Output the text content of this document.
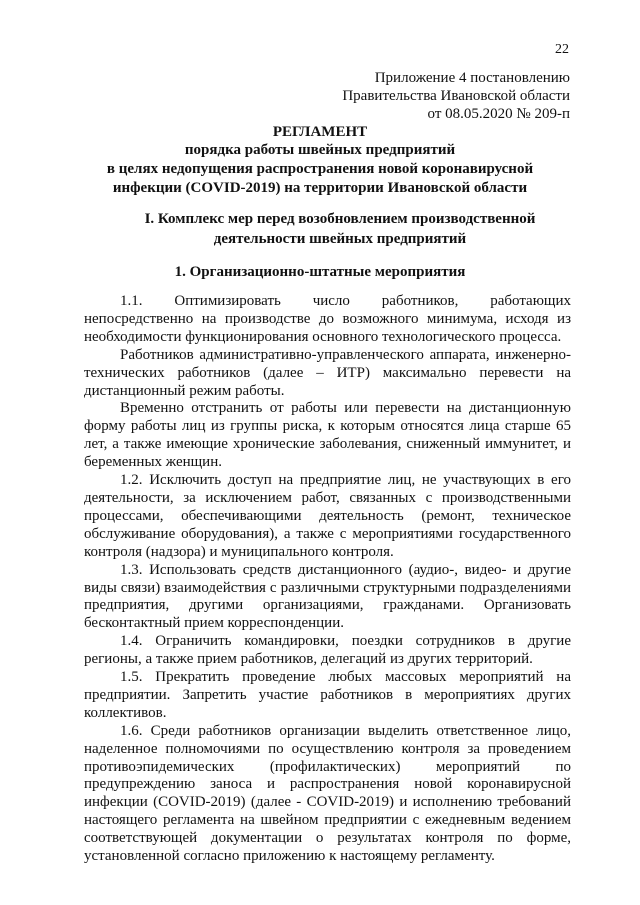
22
Приложение 4 постановлению
Правительства Ивановской области
от 08.05.2020 № 209-п
РЕГЛАМЕНТ
порядка работы швейных предприятий
в целях недопущения распространения новой коронавирусной
инфекции (COVID-2019) на территории Ивановской области
I. Комплекс мер перед возобновлением производственной
деятельности швейных предприятий
1. Организационно-штатные мероприятия

1.1. Оптимизировать число работников, работающих непосредственно на производстве до возможного минимума, исходя из необходимости функционирования основного технологического процесса.

Работников административно-управленческого аппарата, инженерно-технических работников (далее – ИТР) максимально перевести на дистанционный режим работы.

Временно отстранить от работы или перевести на дистанционную форму работы лиц из группы риска, к которым относятся лица старше 65 лет, а также имеющие хронические заболевания, сниженный иммунитет, и беременных женщин.

1.2. Исключить доступ на предприятие лиц, не участвующих в его деятельности, за исключением работ, связанных с производственными процессами, обеспечивающими деятельность (ремонт, техническое обслуживание оборудования), а также с мероприятиями государственного контроля (надзора) и муниципального контроля.

1.3. Использовать средств дистанционного (аудио-, видео- и другие виды связи) взаимодействия с различными структурными подразделениями предприятия, другими организациями, гражданами. Организовать бесконтактный прием корреспонденции.

1.4. Ограничить командировки, поездки сотрудников в другие регионы, а также прием работников, делегаций из других территорий.

1.5. Прекратить проведение любых массовых мероприятий на предприятии. Запретить участие работников в мероприятиях других коллективов.

1.6. Среди работников организации выделить ответственное лицо, наделенное полномочиями по осуществлению контроля за проведением противоэпидемических (профилактических) мероприятий по предупреждению заноса и распространения новой коронавирусной инфекции (COVID-2019) (далее - COVID-2019) и исполнению требований настоящего регламента на швейном предприятии с ежедневным ведением соответствующей документации о результатах контроля по форме, установленной согласно приложению к настоящему регламенту.
